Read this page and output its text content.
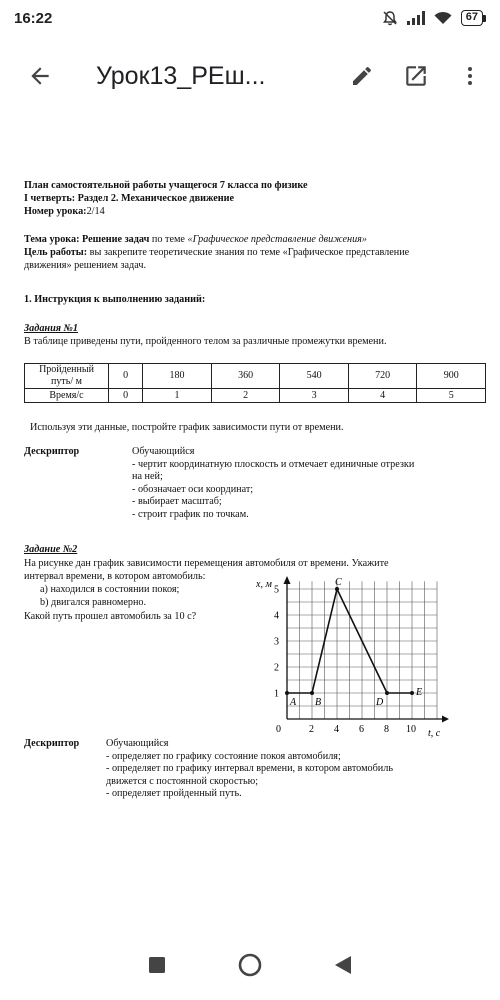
16:22	67
Урок13_РЕш...
План самостоятельной работы учащегося 7 класса по физике
I четверть: Раздел 2. Механическое движение
Номер урока:2/14
Тема урока: Решение задач по теме «Графическое представление движения»
Цель работы: вы закрепите теоретические знания по теме «Графическое представление
движения» решением задач.
1. Инструкция к выполнению заданий:
Задания №1
В таблице приведены пути, пройденного телом за различные промежутки времени.
Пройденный
путь/ м	0	180	360	540	720	900
Время/с	0	1	2	3	4	5
Используя эти данные, постройте график зависимости пути от времени.
Дескриптор	Обучающийся
- чертит координатную плоскость и отмечает единичные отрезки
на ней;
- обозначает оси координат;
- выбирает масштаб;
- строит график по точкам.
Задание №2
На рисунке дан график зависимости перемещения автомобиля от времени. Укажите
интервал времени, в котором автомобиль:
a) находился в состоянии покоя;
b) двигался равномерно.
Какой путь прошел автомобиль за 10 с?
x, м
t, c
1
2
3
4
5
0	2 4 6 8 10
A B
C
D
E
Дескриптор	Обучающийся
- определяет по графику состояние покоя автомобиля;
- определяет по графику интервал времени, в котором автомобиль
движется с постоянной скоростью;
- определяет пройденный путь.
